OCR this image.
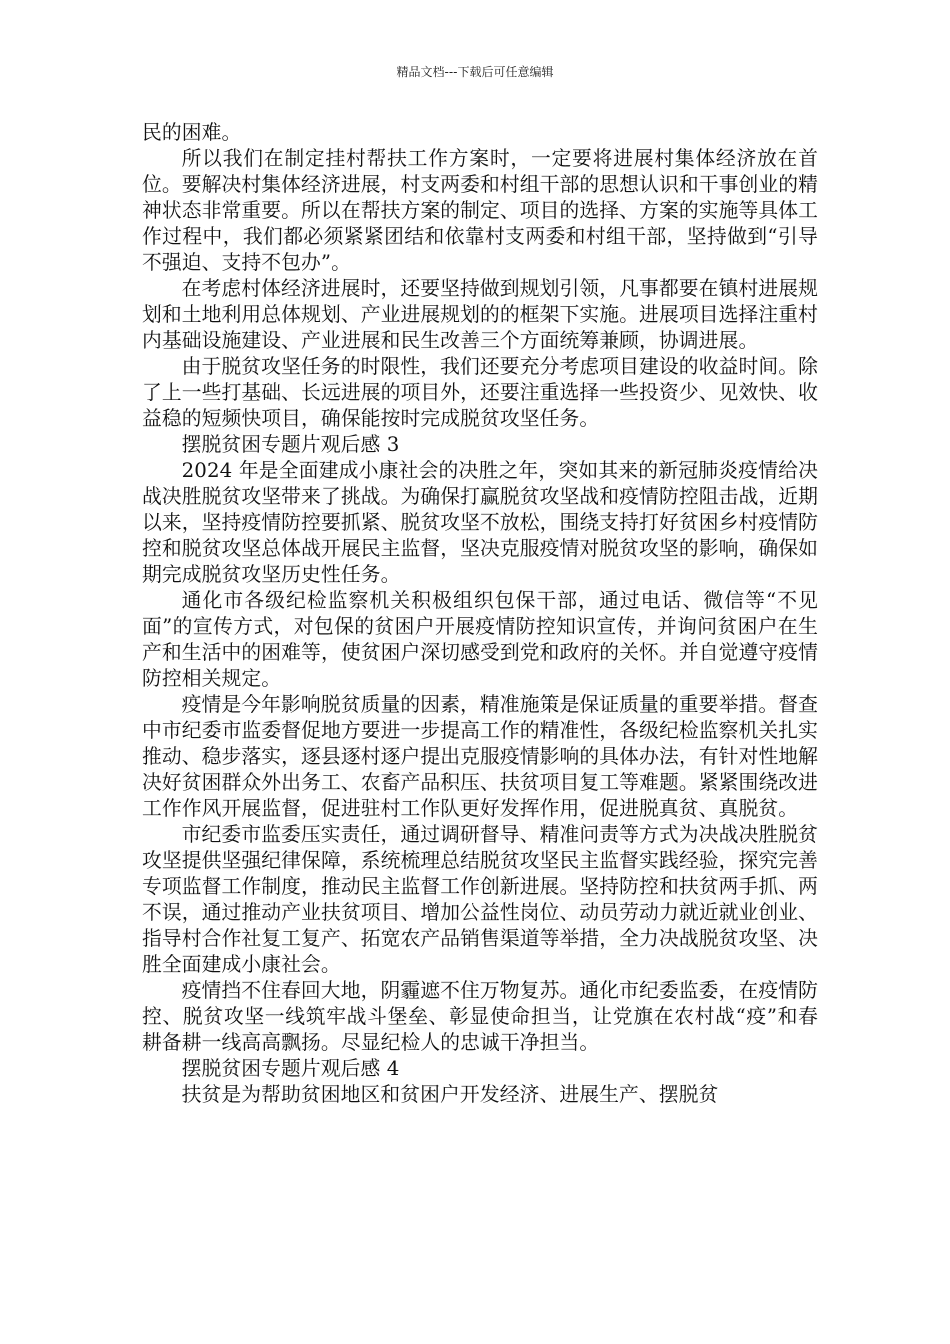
精品文档---下载后可任意编辑

民的困难。

所以我们在制定挂村帮扶工作方案时，一定要将进展村集体经济放在首位。要解决村集体经济进展，村支两委和村组干部的思想认识和干事创业的精神状态非常重要。所以在帮扶方案的制定、项目的选择、方案的实施等具体工作过程中，我们都必须紧紧团结和依靠村支两委和村组干部，坚持做到“引导不强迫、支持不包办”。

在考虑村体经济进展时，还要坚持做到规划引领，凡事都要在镇村进展规划和土地利用总体规划、产业进展规划的的框架下实施。进展项目选择注重村内基础设施建设、产业进展和民生改善三个方面统筹兼顾，协调进展。

由于脱贫攻坚任务的时限性，我们还要充分考虑项目建设的收益时间。除了上一些打基础、长远进展的项目外，还要注重选择一些投资少、见效快、收益稳的短频快项目，确保能按时完成脱贫攻坚任务。

摆脱贫困专题片观后感 3

2024 年是全面建成小康社会的决胜之年，突如其来的新冠肺炎疫情给决战决胜脱贫攻坚带来了挑战。为确保打赢脱贫攻坚战和疫情防控阻击战，近期以来，坚持疫情防控要抓紧、脱贫攻坚不放松，围绕支持打好贫困乡村疫情防控和脱贫攻坚总体战开展民主监督，坚决克服疫情对脱贫攻坚的影响，确保如期完成脱贫攻坚历史性任务。

通化市各级纪检监察机关积极组织包保干部，通过电话、微信等“不见面”的宣传方式，对包保的贫困户开展疫情防控知识宣传，并询问贫困户在生产和生活中的困难等，使贫困户深切感受到党和政府的关怀。并自觉遵守疫情防控相关规定。

疫情是今年影响脱贫质量的因素，精准施策是保证质量的重要举措。督查中市纪委市监委督促地方要进一步提高工作的精准性，各级纪检监察机关扎实推动、稳步落实，逐县逐村逐户提出克服疫情影响的具体办法，有针对性地解决好贫困群众外出务工、农畜产品积压、扶贫项目复工等难题。紧紧围绕改进工作作风开展监督，促进驻村工作队更好发挥作用，促进脱真贫、真脱贫。

市纪委市监委压实责任，通过调研督导、精准问责等方式为决战决胜脱贫攻坚提供坚强纪律保障，系统梳理总结脱贫攻坚民主监督实践经验，探究完善专项监督工作制度，推动民主监督工作创新进展。坚持防控和扶贫两手抓、两不误，通过推动产业扶贫项目、增加公益性岗位、动员劳动力就近就业创业、指导村合作社复工复产、拓宽农产品销售渠道等举措，全力决战脱贫攻坚、决胜全面建成小康社会。

疫情挡不住春回大地，阴霾遮不住万物复苏。通化市纪委监委，在疫情防控、脱贫攻坚一线筑牢战斗堡垒、彰显使命担当，让党旗在农村战“疫”和春耕备耕一线高高飘扬。尽显纪检人的忠诚干净担当。

摆脱贫困专题片观后感 4

扶贫是为帮助贫困地区和贫困户开发经济、进展生产、摆脱贫
